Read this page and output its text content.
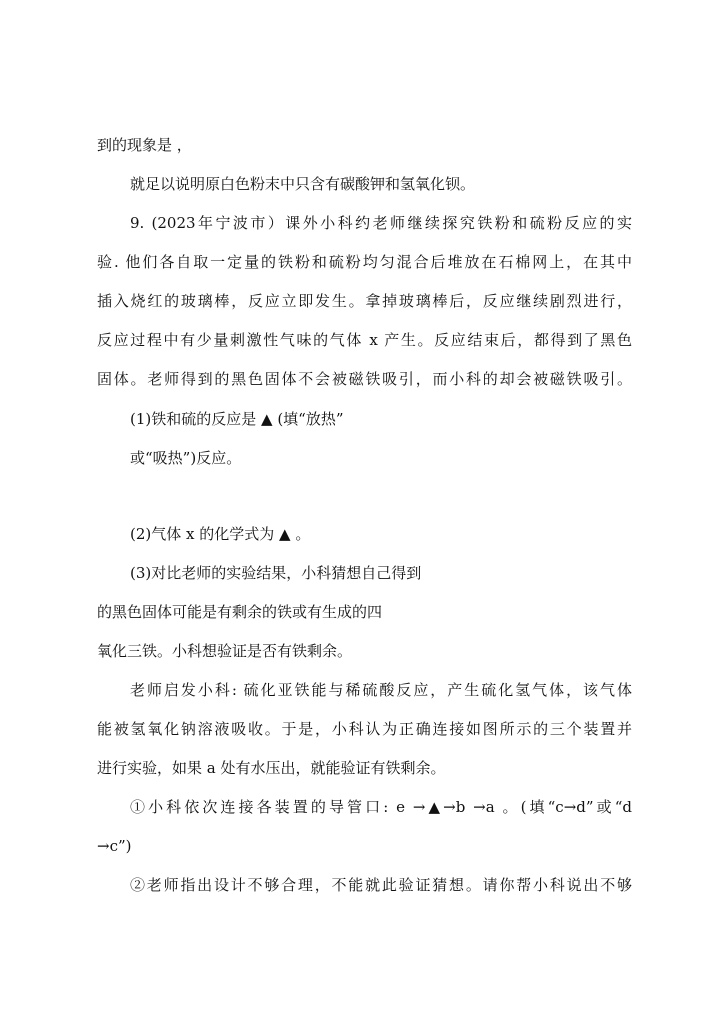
到的现象是 ，
就足以说明原白色粉末中只含有碳酸钾和氢氧化钡。
9. (2023年宁波市）课外小科约老师继续探究铁粉和硫粉反应的实
验. 他们各自取一定量的铁粉和硫粉均匀混合后堆放在石棉网上，在其中
插入烧红的玻璃棒，反应立即发生。拿掉玻璃棒后，反应继续剧烈进行，
反应过程中有少量刺激性气味的气体 x 产生。反应结束后，都得到了黑色
固体。老师得到的黑色固体不会被磁铁吸引，而小科的却会被磁铁吸引。
(1)铁和硫的反应是 ▲ (填“放热”
或“吸热”)反应。
(2)气体 x 的化学式为 ▲ 。
(3)对比老师的实验结果，小科猜想自己得到
的黑色固体可能是有剩余的铁或有生成的四
氧化三铁。小科想验证是否有铁剩余。
老师启发小科: 硫化亚铁能与稀硫酸反应，产生硫化氢气体，该气体
能被氢氧化钠溶液吸收。于是，小科认为正确连接如图所示的三个装置并
进行实验，如果 a 处有水压出，就能验证有铁剩余。
①小科依次连接各装置的导管口: e →▲→b →a 。(填“c→d”或“d
→c”)
②老师指出设计不够合理，不能就此验证猜想。请你帮小科说出不够
